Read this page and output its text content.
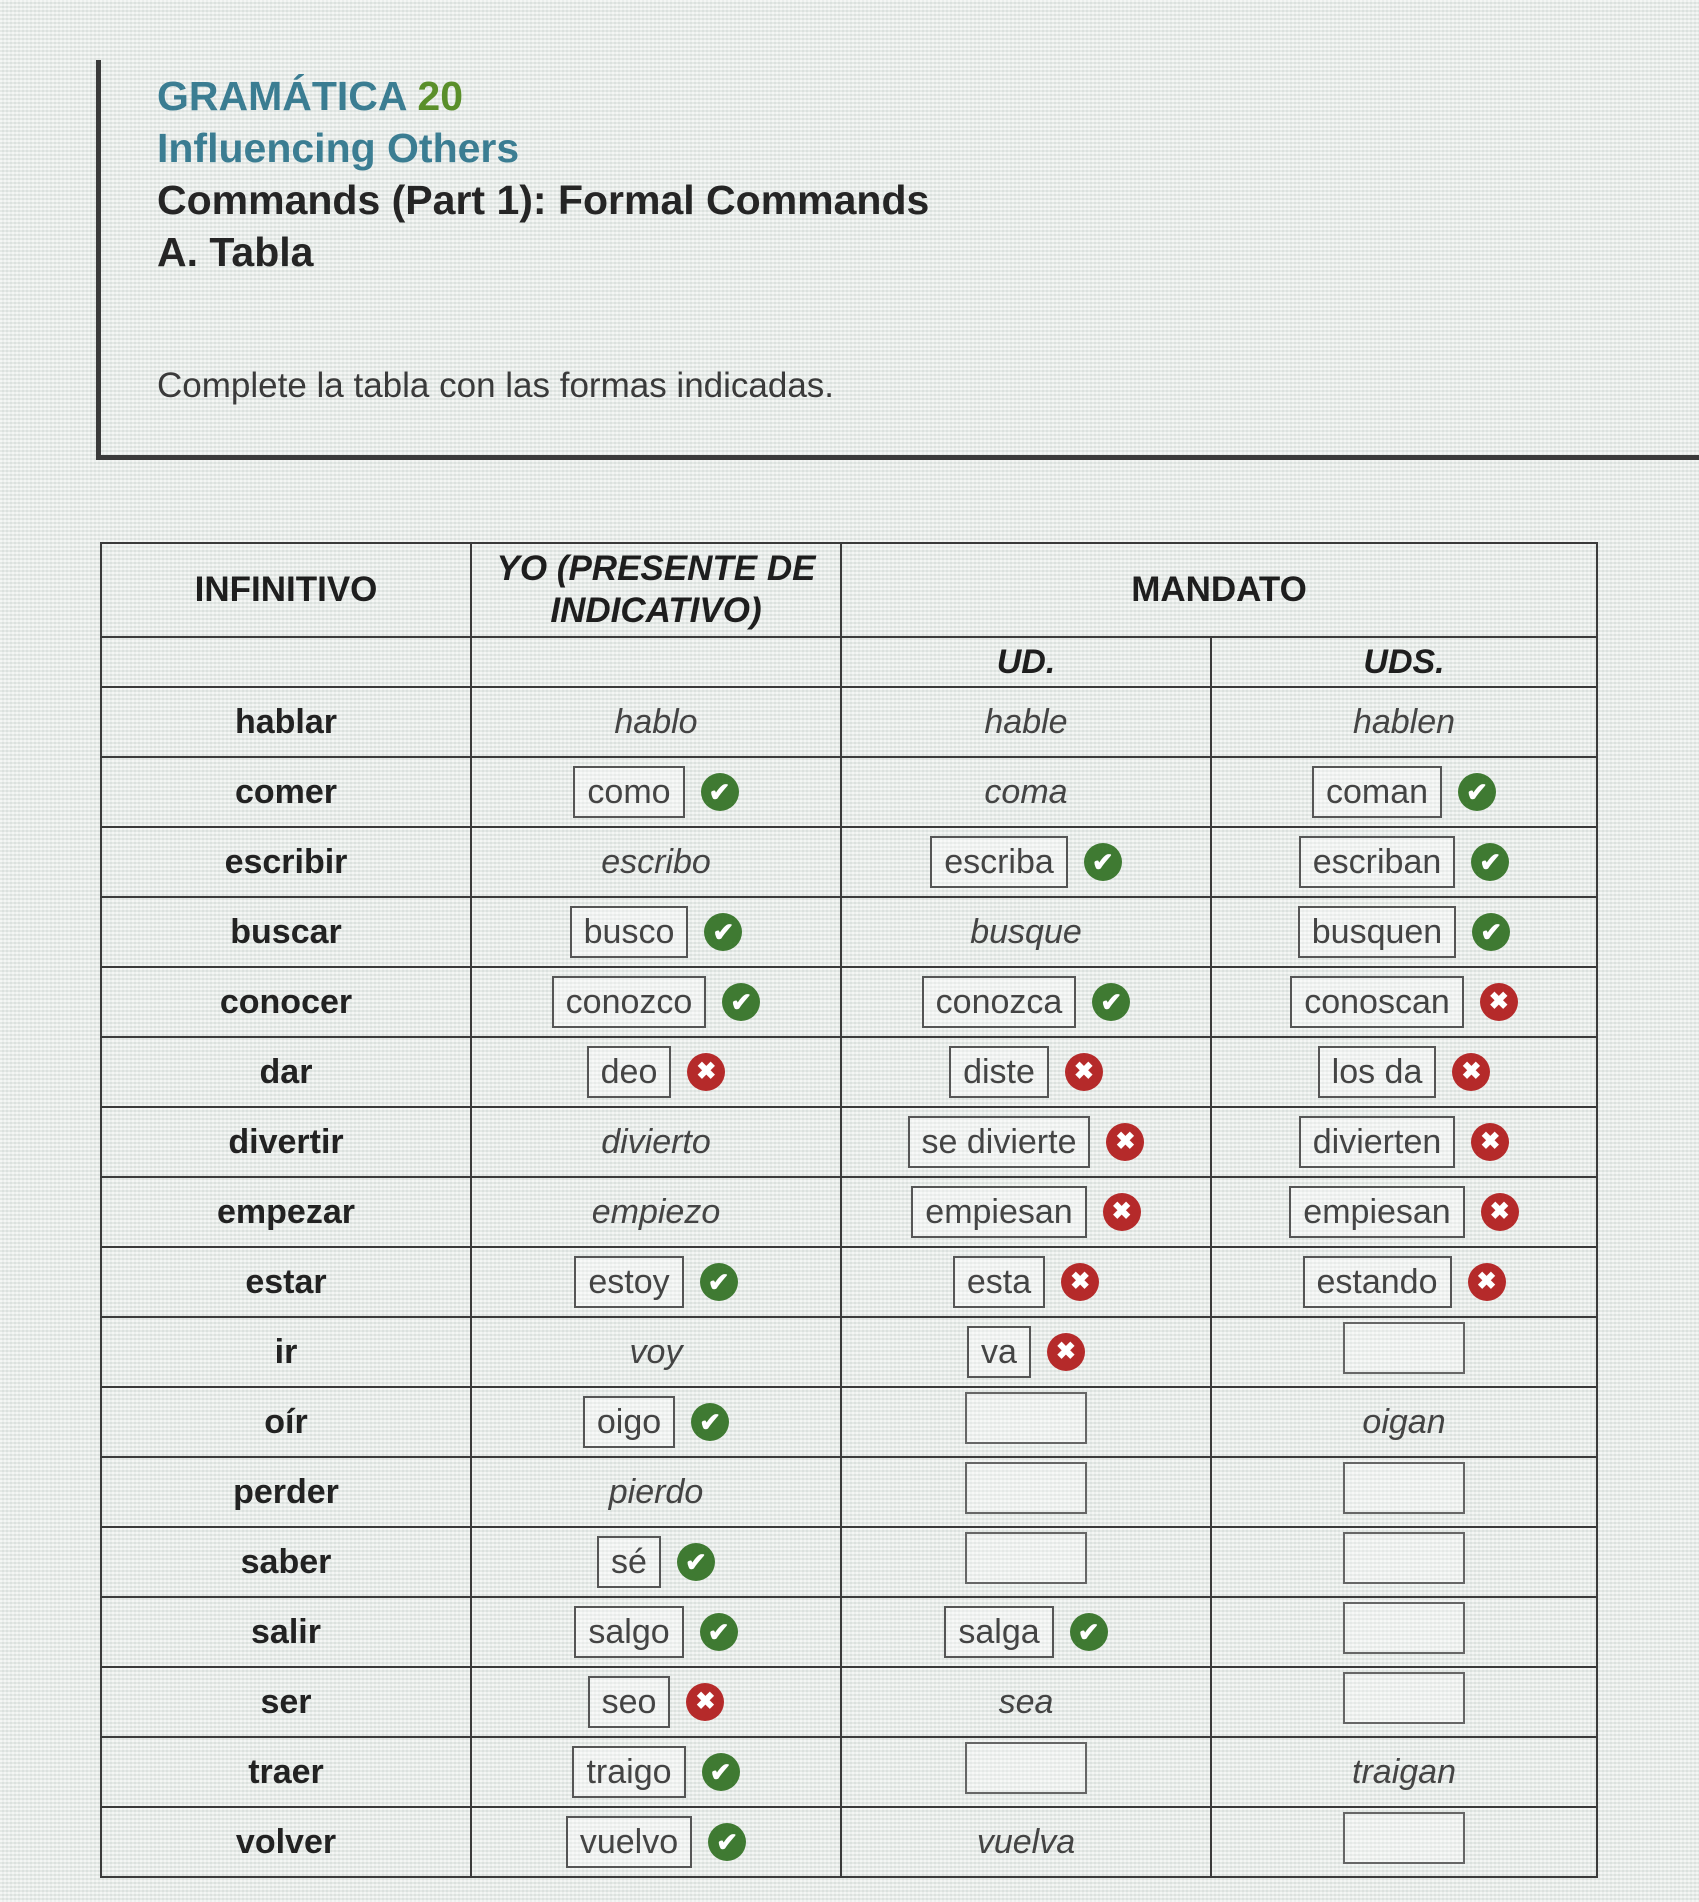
GRAMÁTICA 20
Influencing Others
Commands (Part 1): Formal Commands
A. Tabla
Complete la tabla con las formas indicadas.
INFINITIVO	YO (PRESENTE DE INDICATIVO)	MANDATO	
		UD.	UDS.
hablar	hablo	hable	hablen
comer	como ✔	coma	coman ✔

escribir	escribo	escriba ✔	escriban ✔

buscar	busco ✔	busque	busquen ✔

conocer	conozco ✔	conozca ✔	conoscan ✖

dar	deo ✖	diste ✖	los da ✖

divertir	divierto	se divierte ✖	divierten ✖

empezar	empiezo	empiesan ✖	empiesan ✖

estar	estoy ✔	esta ✖	estando ✖

ir	voy	va ✖	

oír	oigo ✔		oigan
perder	pierdo		
saber	sé ✔		

salir	salgo ✔	salga ✔	

ser	seo ✖	sea	
traer	traigo ✔		traigan
volver	vuelvo ✔	vuelva	
